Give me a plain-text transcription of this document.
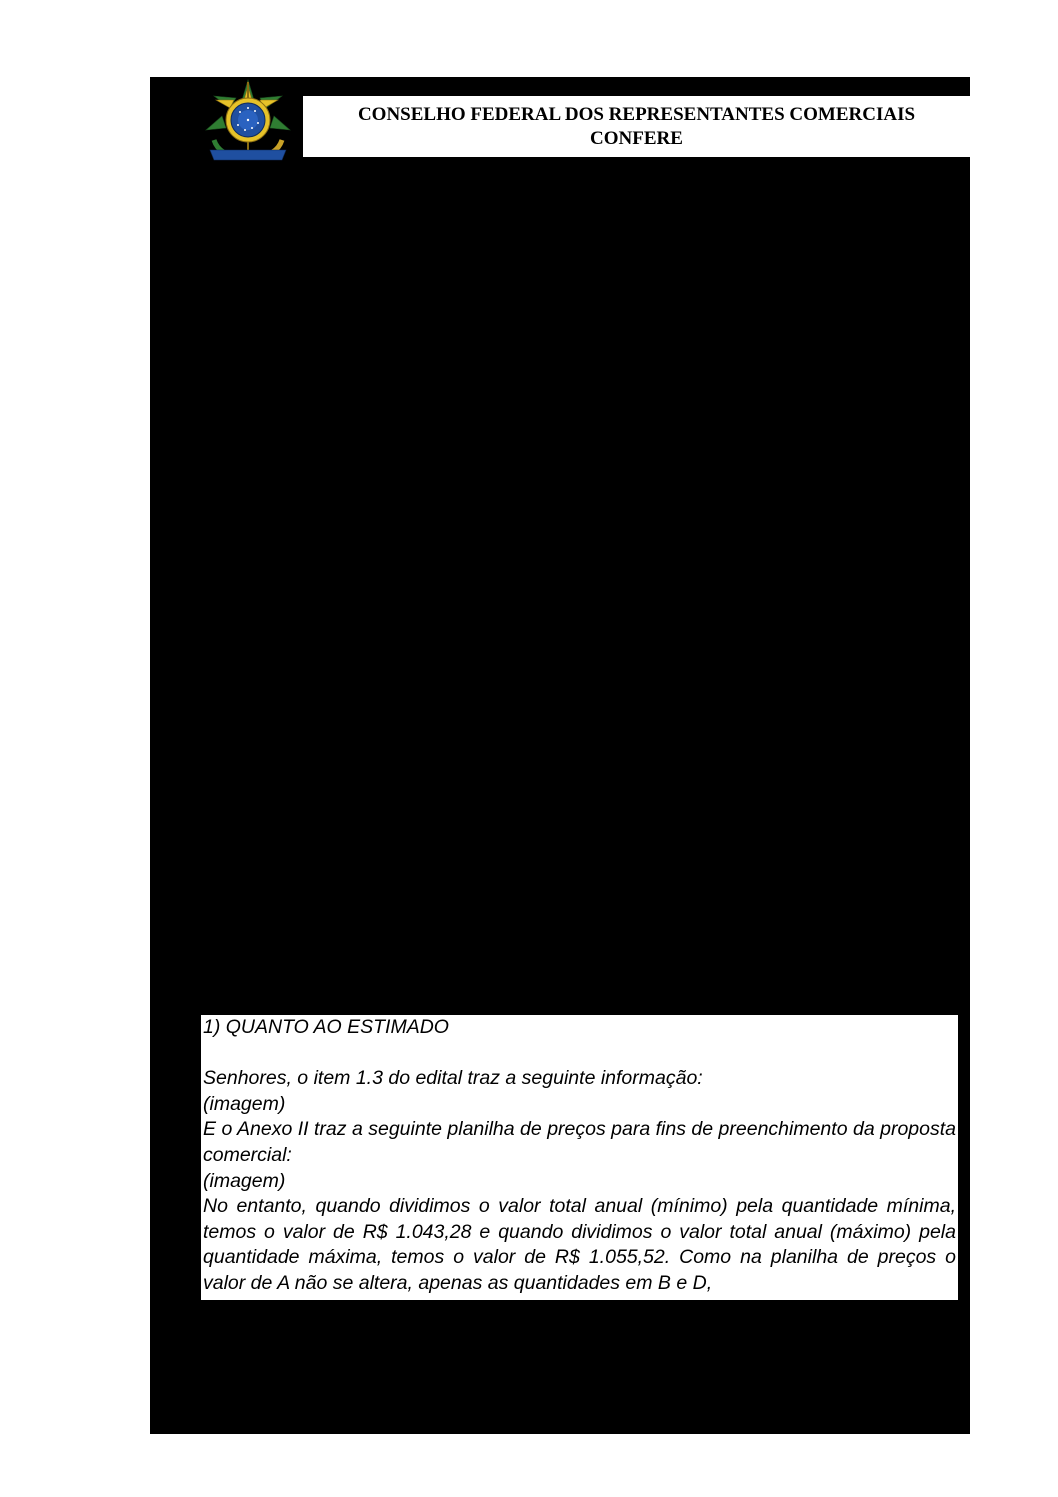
CONSELHO FEDERAL DOS REPRESENTANTES COMERCIAIS
CONFERE
1) QUANTO AO ESTIMADO
Senhores, o item 1.3 do edital traz a seguinte informação:
(imagem)
E o Anexo II traz a seguinte planilha de preços para fins de preenchimento da proposta comercial:
(imagem)
No entanto, quando dividimos o valor total anual (mínimo) pela quantidade mínima, temos o valor de R$ 1.043,28 e quando dividimos o valor total anual (máximo) pela quantidade máxima, temos o valor de R$ 1.055,52. Como na planilha de preços o valor de A não se altera, apenas as quantidades em B e D,
